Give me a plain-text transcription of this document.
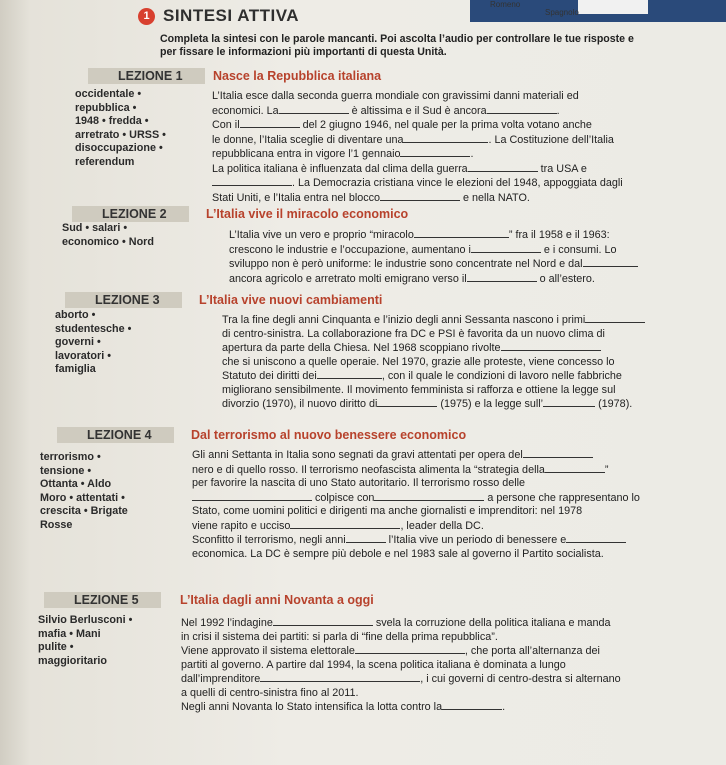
Romeno
Spagnolo
1 SINTESI ATTIVA
Completa la sintesi con le parole mancanti. Poi ascolta l’audio per controllare le tue risposte e
per fissare le informazioni più importanti di questa Unità.
LEZIONE 1	Nasce la Repubblica italiana
occidentale •
repubblica •
1948 • fredda •
arretrato • URSS •
disoccupazione •
referendum
L’Italia esce dalla seconda guerra mondiale con gravissimi danni materiali ed
economici. La	è altissima e il Sud è ancora	.
Con il	del 2 giugno 1946, nel quale per la prima volta votano anche
le donne, l’Italia sceglie di diventare una	. La Costituzione dell’Italia
repubblicana entra in vigore l’1 gennaio	.
La politica italiana è influenzata dal clima della guerra	tra USA e
. La Democrazia cristiana vince le elezioni del 1948, appoggiata dagli
Stati Uniti, e l’Italia entra nel blocco	e nella NATO.
LEZIONE 2	L’Italia vive il miracolo economico
Sud • salari •
economico • Nord
L’Italia vive un vero e proprio “miracolo	” fra il 1958 e il 1963:
crescono le industrie e l’occupazione, aumentano i	e i consumi. Lo
sviluppo non è però uniforme: le industrie sono concentrate nel Nord e dal
ancora agricolo e arretrato molti emigrano verso il	o all’estero.
LEZIONE 3	L’Italia vive nuovi cambiamenti
aborto •
studentesche •
governi •
lavoratori •
famiglia
Tra la fine degli anni Cinquanta e l’inizio degli anni Sessanta nascono i primi
di centro-sinistra. La collaborazione fra DC e PSI è favorita da un nuovo clima di
apertura da parte della Chiesa. Nel 1968 scoppiano rivolte
che si uniscono a quelle operaie. Nel 1970, grazie alle proteste, viene concesso lo
Statuto dei diritti dei	, con il quale le condizioni di lavoro nelle fabbriche
migliorano sensibilmente. Il movimento femminista si rafforza e ottiene la legge sul
divorzio (1970), il nuovo diritto di	(1975) e la legge sull’	(1978).
LEZIONE 4	Dal terrorismo al nuovo benessere economico
terrorismo •
tensione •
Ottanta • Aldo
Moro • attentati •
crescita • Brigate
Rosse
Gli anni Settanta in Italia sono segnati da gravi attentati per opera del
nero e di quello rosso. Il terrorismo neofascista alimenta la “strategia della	”
per favorire la nascita di uno Stato autoritario. Il terrorismo rosso delle
colpisce con	a persone che rappresentano lo
Stato, come uomini politici e dirigenti ma anche giornalisti e imprenditori: nel 1978
viene rapito e ucciso	, leader della DC.
Sconfitto il terrorismo, negli anni	l’Italia vive un periodo di benessere e
economica. La DC è sempre più debole e nel 1983 sale al governo il Partito socialista.
LEZIONE 5	L’Italia dagli anni Novanta a oggi
Silvio Berlusconi •
mafia • Mani
pulite •
maggioritario
Nel 1992 l’indagine	svela la corruzione della politica italiana e manda
in crisi il sistema dei partiti: si parla di “fine della prima repubblica”.
Viene approvato il sistema elettorale	, che porta all’alternanza dei
partiti al governo. A partire dal 1994, la scena politica italiana è dominata a lungo
dall’imprenditore	, i cui governi di centro-destra si alternano
a quelli di centro-sinistra fino al 2011.
Negli anni Novanta lo Stato intensifica la lotta contro la	.
